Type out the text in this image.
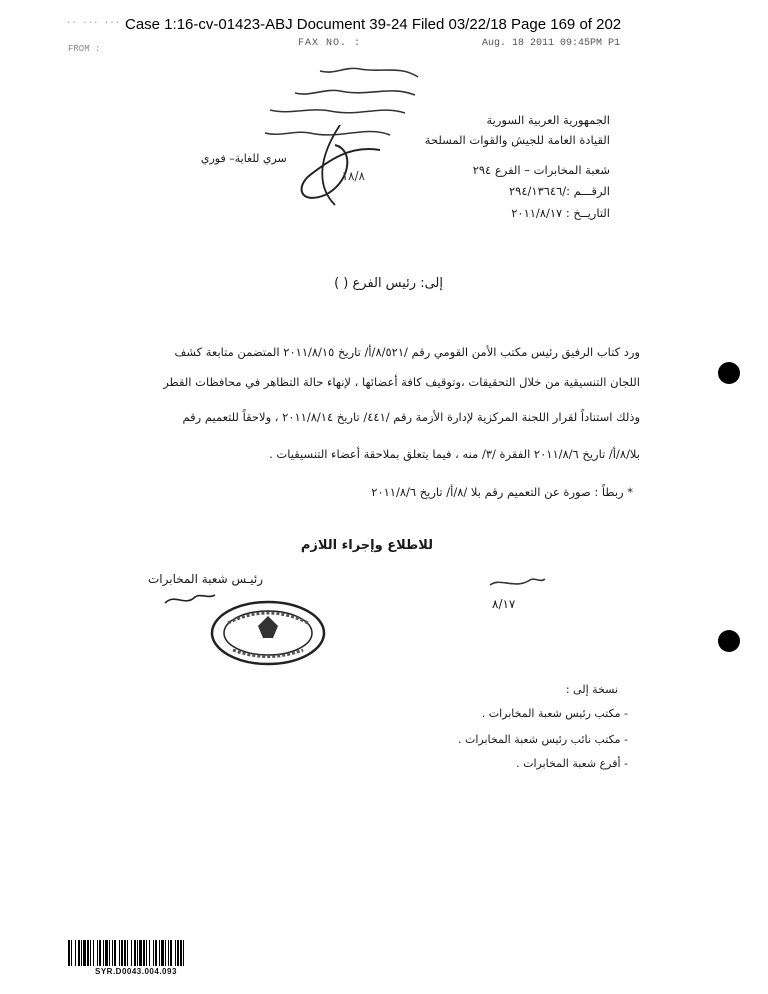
·· ··· ··· Case 1:16-cv-01423-ABJ Document 39-24 Filed 03/22/18 Page 169 of 202
FAX NO. :	Aug. 18 2011 09:45PM P1
FROM :
١٨/٨
سري للغاية– فوري
الجمهورية العربية السورية
القيادة العامة للجيش والقوات المسلحة
شعبة المخابرات – الفرع ٢٩٤
الرقـــم :/٢٩٤/١٣٦٤٦
التاريــخ : ٢٠١١/٨/١٧
إلى: رئيس الفرع ( )
ورد كتاب الرفيق رئيس مكتب الأمن القومي رقم /٨/٥٢١/أ/ تاريخ ٢٠١١/٨/١٥ المتضمن متابعة كشف
اللجان التنسيقية من خلال التحقيقات ،وتوقيف كافة أعضائها ، لإنهاء حالة التظاهر في محافظات القطر
وذلك استناداً لقرار اللجنة المركزية لإدارة الأزمة رقم /٤٤١/ تاريخ ٢٠١١/٨/١٤ ، ولاحقاً للتعميم رقم
بلا/٨/أ/ تاريخ ٢٠١١/٨/٦ الفقرة /٣/ منه ، فيما يتعلق بملاحقة أعضاء التنسيقيات .
* ربطاً : صورة عن التعميم رقم بلا /٨/أ/ تاريخ ٢٠١١/٨/٦
للاطلاع وإجراء اللازم
رئيـس شعبة المخابرات
٨/١٧
نسخة إلى :
- مكتب رئيس شعبة المخابرات .
- مكتب نائب رئيس شعبة المخابرات .
- أفرع شعبة المخابرات .
SYR.D0043.004.093
